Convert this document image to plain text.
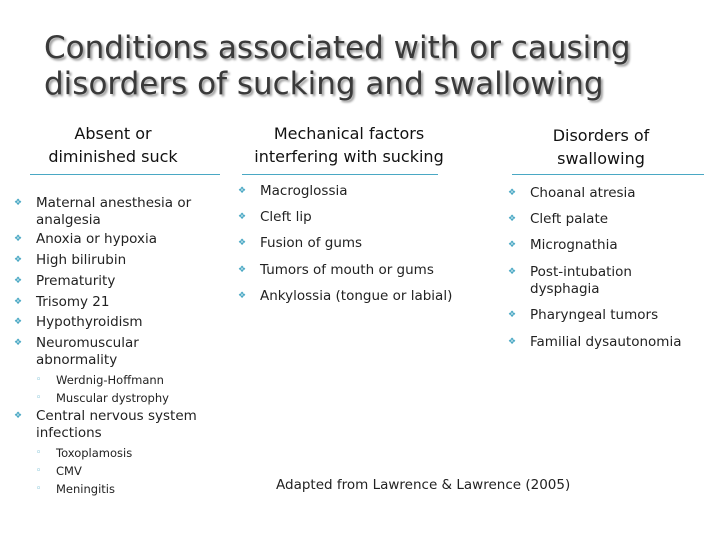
Conditions associated with or causing disorders of sucking and swallowing
Absent or diminished suck
Mechanical factors interfering with sucking
Disorders of swallowing
❖ Maternal anesthesia or analgesia
❖ Anoxia or hypoxia
❖ High bilirubin
❖ Prematurity
❖ Trisomy 21
❖ Hypothyroidism
❖ Neuromuscular abnormality
◦ Werdnig-Hoffmann
◦ Muscular dystrophy
❖ Central nervous system infections
◦ Toxoplamosis
◦ CMV
◦ Meningitis
❖ Macroglossia
❖ Cleft lip
❖ Fusion of gums
❖ Tumors of mouth or gums
❖ Ankylossia (tongue or labial)
❖ Choanal atresia
❖ Cleft palate
❖ Micrognathia
❖ Post-intubation dysphagia
❖ Pharyngeal tumors
❖ Familial dysautonomia
Adapted from Lawrence & Lawrence (2005)
